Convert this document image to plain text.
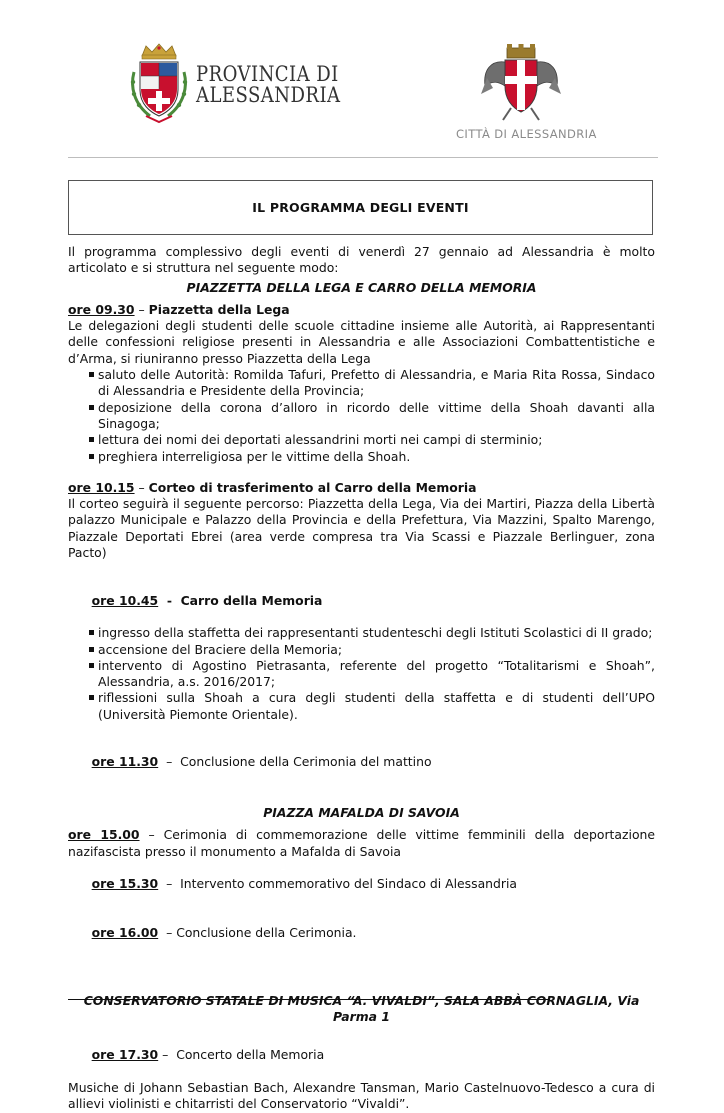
PROVINCIA DI
ALESSANDRIA
CITTÀ DI ALESSANDRIA
IL PROGRAMMA DEGLI EVENTI

Il programma complessivo degli eventi di venerdì 27 gennaio ad Alessandria è molto articolato e si struttura nel seguente modo:

PIAZZETTA DELLA LEGA E CARRO DELLA MEMORIA

ore 09.30 – Piazzetta della Lega

Le delegazioni degli studenti delle scuole cittadine insieme alle Autorità, ai Rappresentanti delle confessioni religiose presenti in Alessandria e alle Associazioni Combattentistiche e d’Arma, si riuniranno presso Piazzetta della Lega

saluto delle Autorità: Romilda Tafuri, Prefetto di Alessandria, e Maria Rita Rossa, Sindaco di Alessandria e Presidente della Provincia;
deposizione della corona d’alloro in ricordo delle vittime della Shoah davanti alla Sinagoga;
lettura dei nomi dei deportati alessandrini morti nei campi di sterminio;
preghiera interreligiosa per le vittime della Shoah.

ore 10.15 – Corteo di trasferimento al Carro della Memoria

Il corteo seguirà il seguente percorso: Piazzetta della Lega, Via dei Martiri, Piazza della Libertà palazzo Municipale e Palazzo della Provincia e della Prefettura, Via Mazzini, Spalto Marengo, Piazzale Deportati Ebrei (area verde compresa tra Via Scassi e Piazzale Berlinguer, zona Pacto)

ore 10.45  -  Carro della Memoria

ingresso della staffetta dei rappresentanti studenteschi degli Istituti Scolastici di II grado;
accensione del Braciere della Memoria;
intervento di Agostino Pietrasanta, referente del progetto “Totalitarismi e Shoah”, Alessandria, a.s. 2016/2017;
riflessioni sulla Shoah a cura degli studenti della staffetta e di studenti dell’UPO (Università Piemonte Orientale).

ore 11.30  –  Conclusione della Cerimonia del mattino

PIAZZA MAFALDA DI SAVOIA

ore 15.00 – Cerimonia di commemorazione delle vittime femminili della deportazione nazifascista presso il monumento a Mafalda di Savoia

ore 15.30  –  Intervento commemorativo del Sindaco di Alessandria

ore 16.00  – Conclusione della Cerimonia.

CONSERVATORIO STATALE DI MUSICA “A. VIVALDI”, SALA ABBÀ CORNAGLIA, Via Parma 1

ore 17.30 –  Concerto della Memoria

Musiche di Johann Sebastian Bach, Alexandre Tansman, Mario Castelnuovo-Tedesco a cura di allievi violinisti e chitarristi del Conservatorio “Vivaldi”.
